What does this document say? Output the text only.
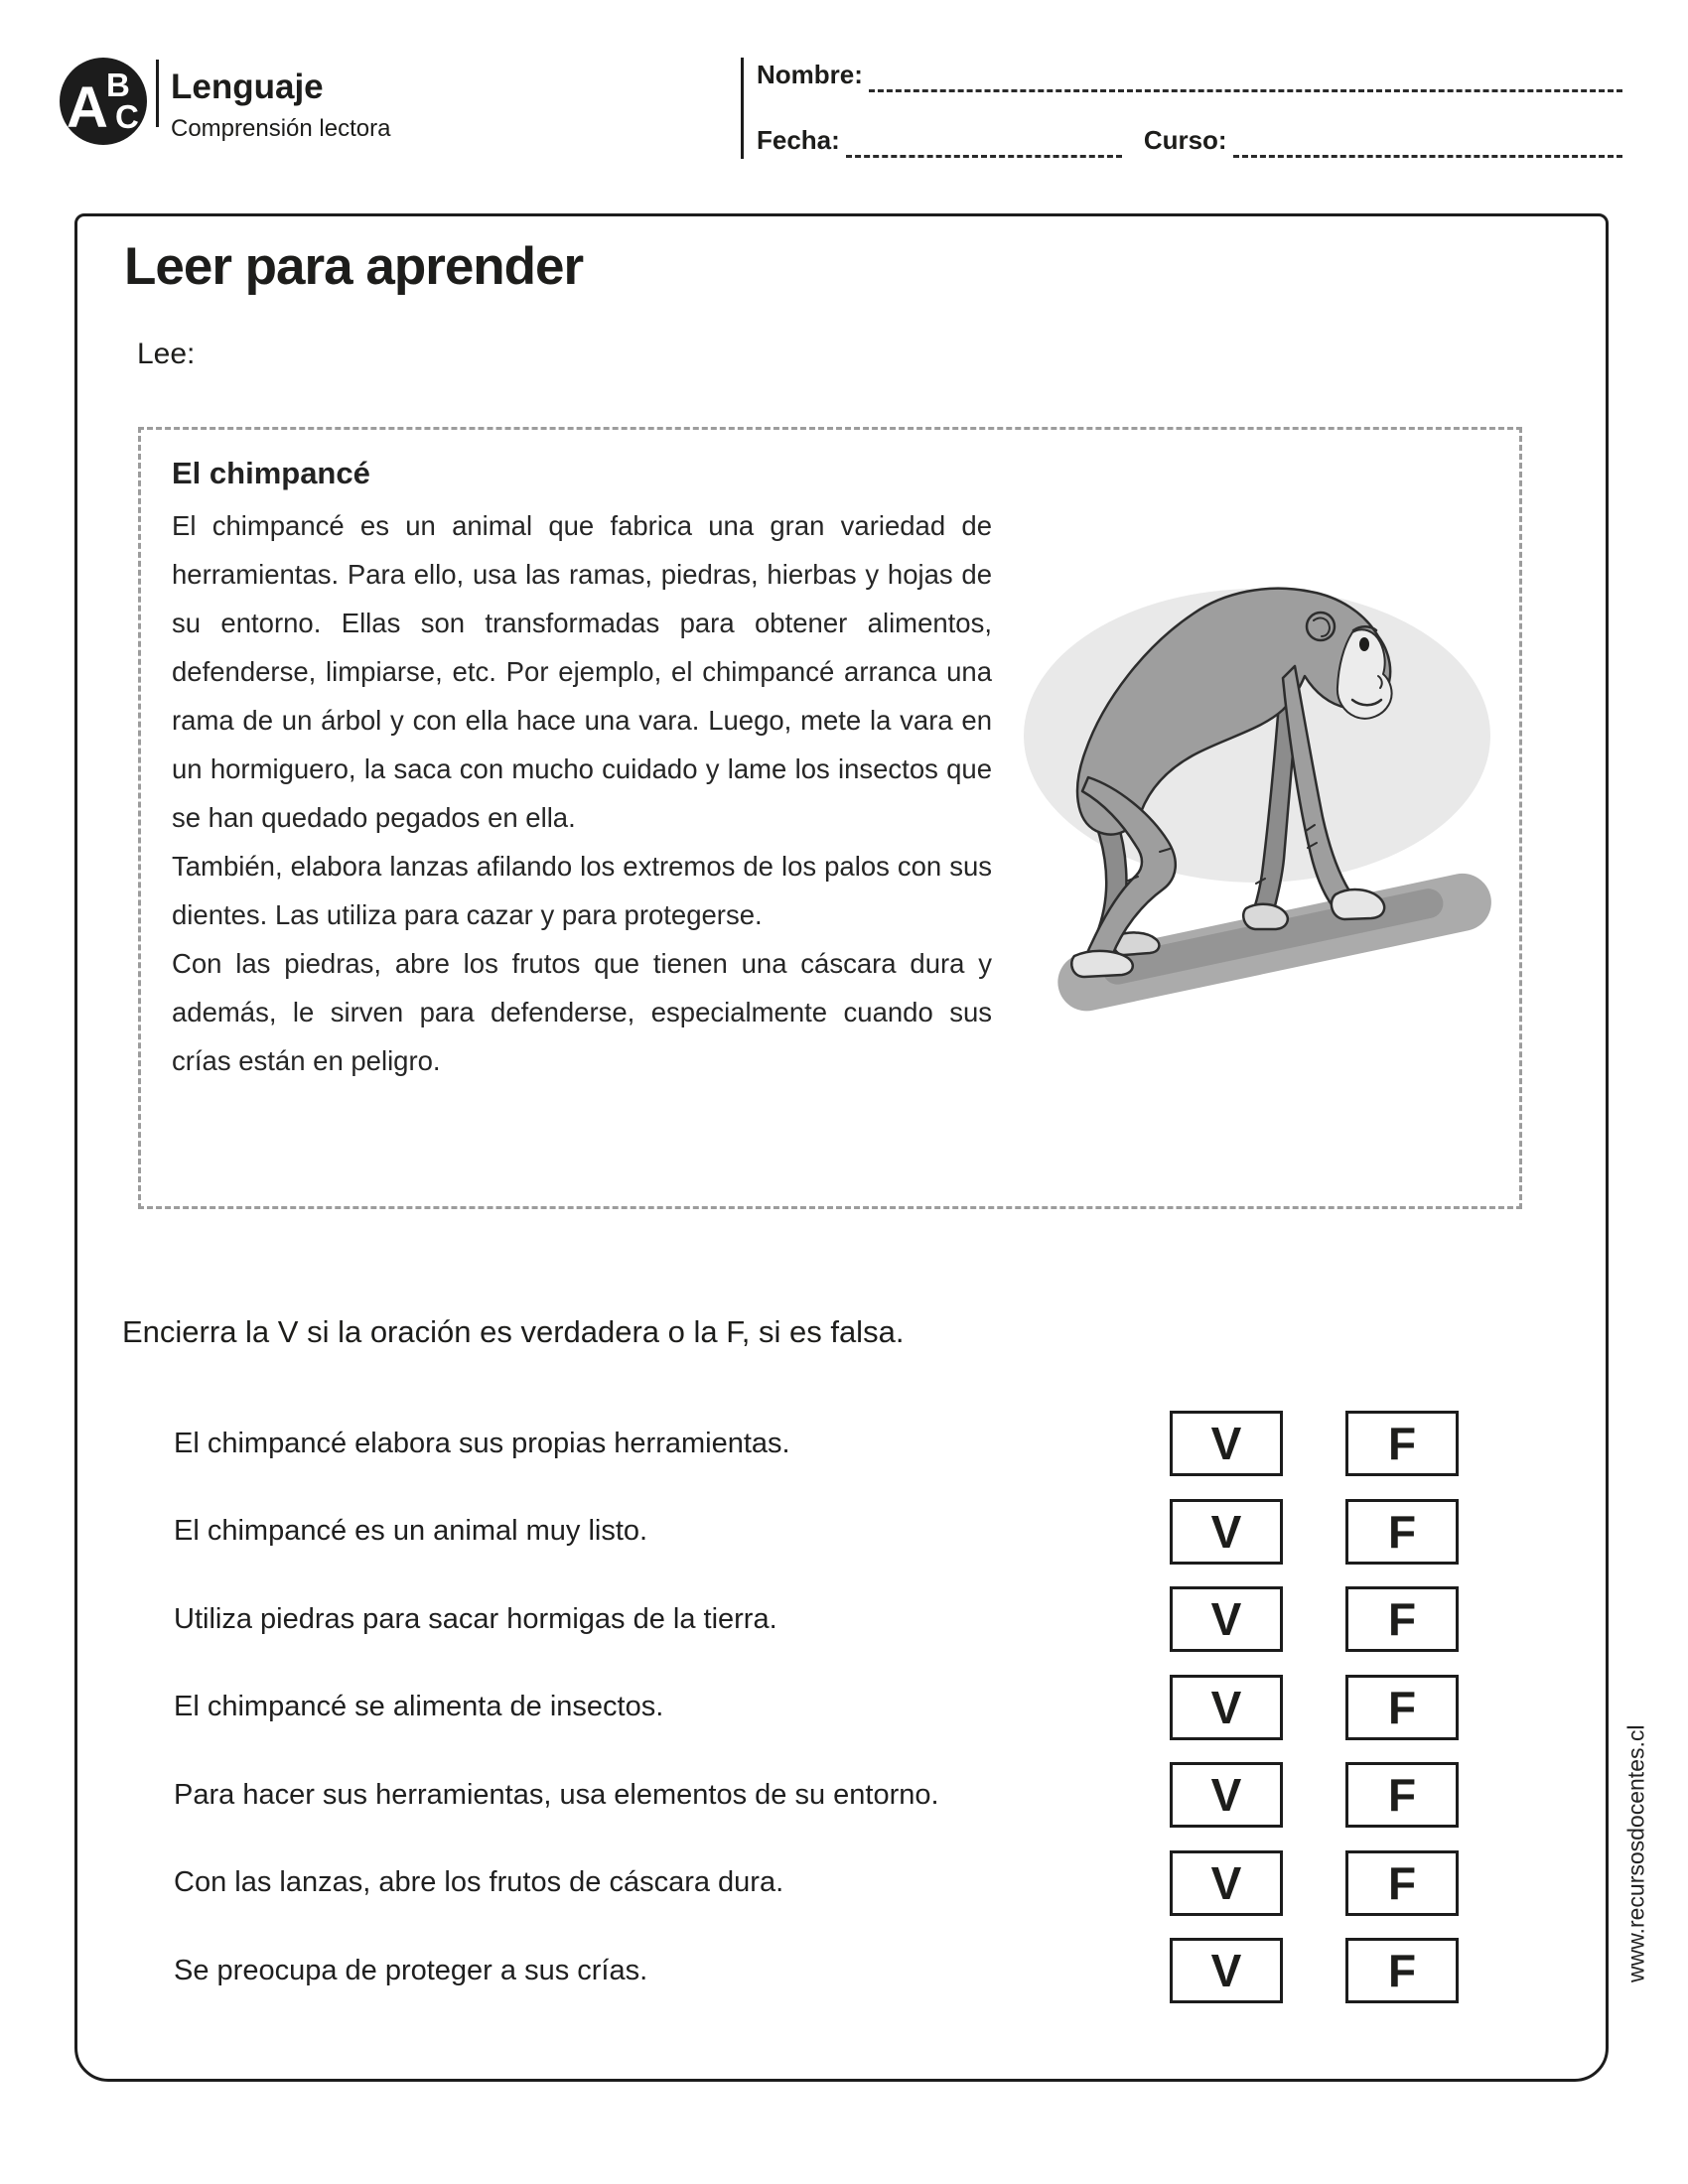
A
B
C
Lenguaje
Comprensión lectora
Nombre:
Fecha:	Curso:
Leer para aprender
Lee:
El chimpancé

El chimpancé es un animal que fabrica una gran variedad de herramientas. Para ello, usa las ramas, piedras, hierbas y hojas de su entorno. Ellas son transformadas para obtener alimentos, defenderse, limpiarse, etc. Por ejemplo, el chimpancé arranca una rama de un árbol y con ella hace una vara. Luego, mete la vara en un hormiguero, la saca con mucho cuidado y lame los insectos que se han quedado pegados en ella.

También, elabora lanzas afilando los extremos de los palos con sus dientes. Las utiliza para cazar y para protegerse.

Con las piedras, abre los frutos que tienen una cáscara dura y además, le sirven para defenderse, especialmente cuando sus crías están en peligro.

Encierra la V si la oración es verdadera o la F, si es falsa.
El chimpancé elabora sus propias herramientas.	V	F
El chimpancé es un animal muy listo.	V	F
Utiliza piedras para sacar hormigas de la tierra.	V	F
El chimpancé se alimenta de insectos.	V	F
Para hacer sus herramientas, usa elementos de su entorno.	V	F
Con las lanzas, abre los frutos de cáscara dura.	V	F
Se preocupa de proteger a sus crías.	V	F	www.recursosdocentes.cl
